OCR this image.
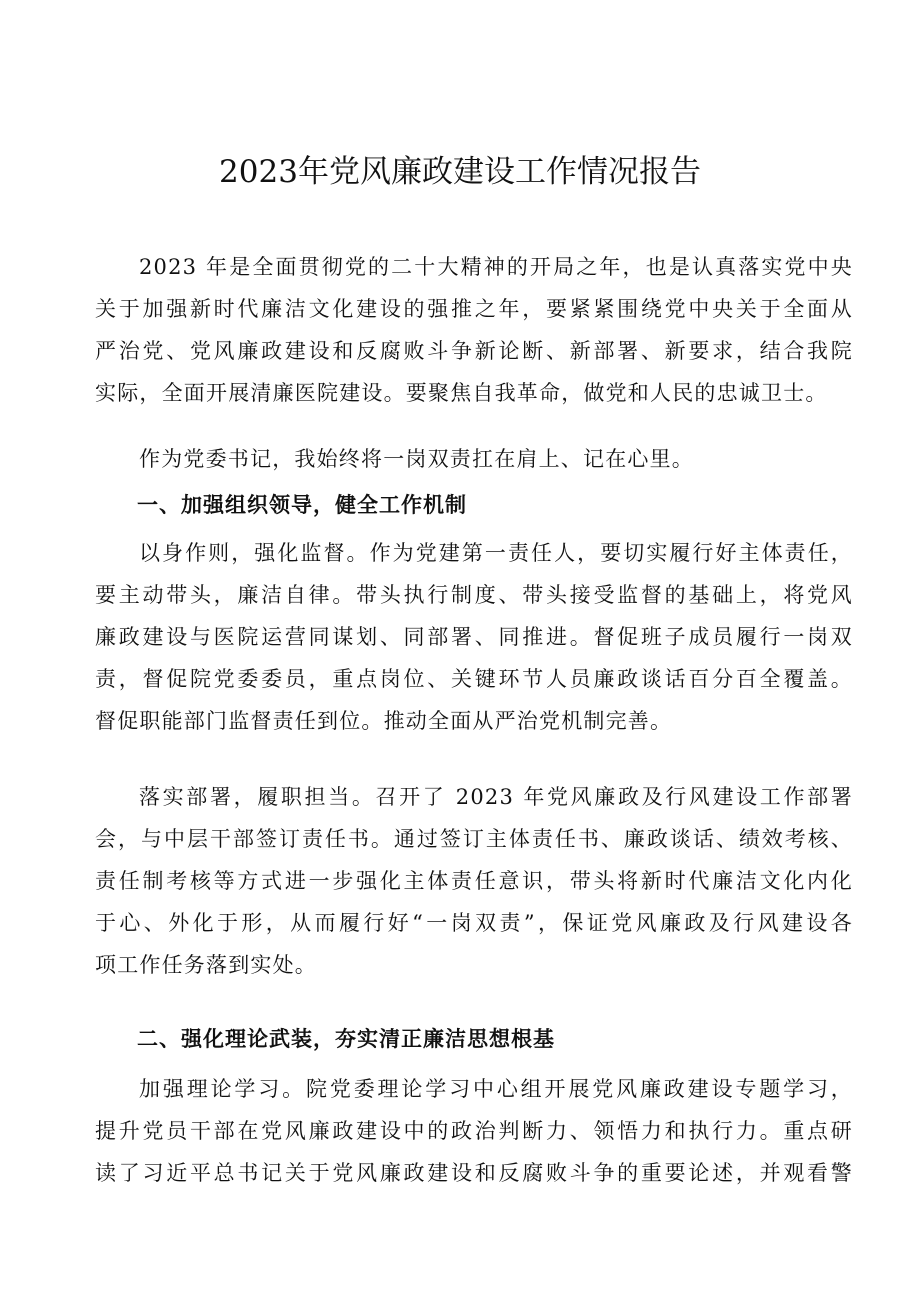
2023年党风廉政建设工作情况报告
2023 年是全面贯彻党的二十大精神的开局之年，也是认真落实党中央
关于加强新时代廉洁文化建设的强推之年，要紧紧围绕党中央关于全面从
严治党、党风廉政建设和反腐败斗争新论断、新部署、新要求，结合我院
实际，全面开展清廉医院建设。要聚焦自我革命，做党和人民的忠诚卫士。
作为党委书记，我始终将一岗双责扛在肩上、记在心里。
一、加强组织领导，健全工作机制
以身作则，强化监督。作为党建第一责任人，要切实履行好主体责任，
要主动带头，廉洁自律。带头执行制度、带头接受监督的基础上，将党风
廉政建设与医院运营同谋划、同部署、同推进。督促班子成员履行一岗双
责，督促院党委委员，重点岗位、关键环节人员廉政谈话百分百全覆盖。
督促职能部门监督责任到位。推动全面从严治党机制完善。
落实部署，履职担当。召开了 2023 年党风廉政及行风建设工作部署
会，与中层干部签订责任书。通过签订主体责任书、廉政谈话、绩效考核、
责任制考核等方式进一步强化主体责任意识，带头将新时代廉洁文化内化
于心、外化于形，从而履行好“一岗双责”，保证党风廉政及行风建设各
项工作任务落到实处。
二、强化理论武装，夯实清正廉洁思想根基
加强理论学习。院党委理论学习中心组开展党风廉政建设专题学习，
提升党员干部在党风廉政建设中的政治判断力、领悟力和执行力。重点研
读了习近平总书记关于党风廉政建设和反腐败斗争的重要论述，并观看警
